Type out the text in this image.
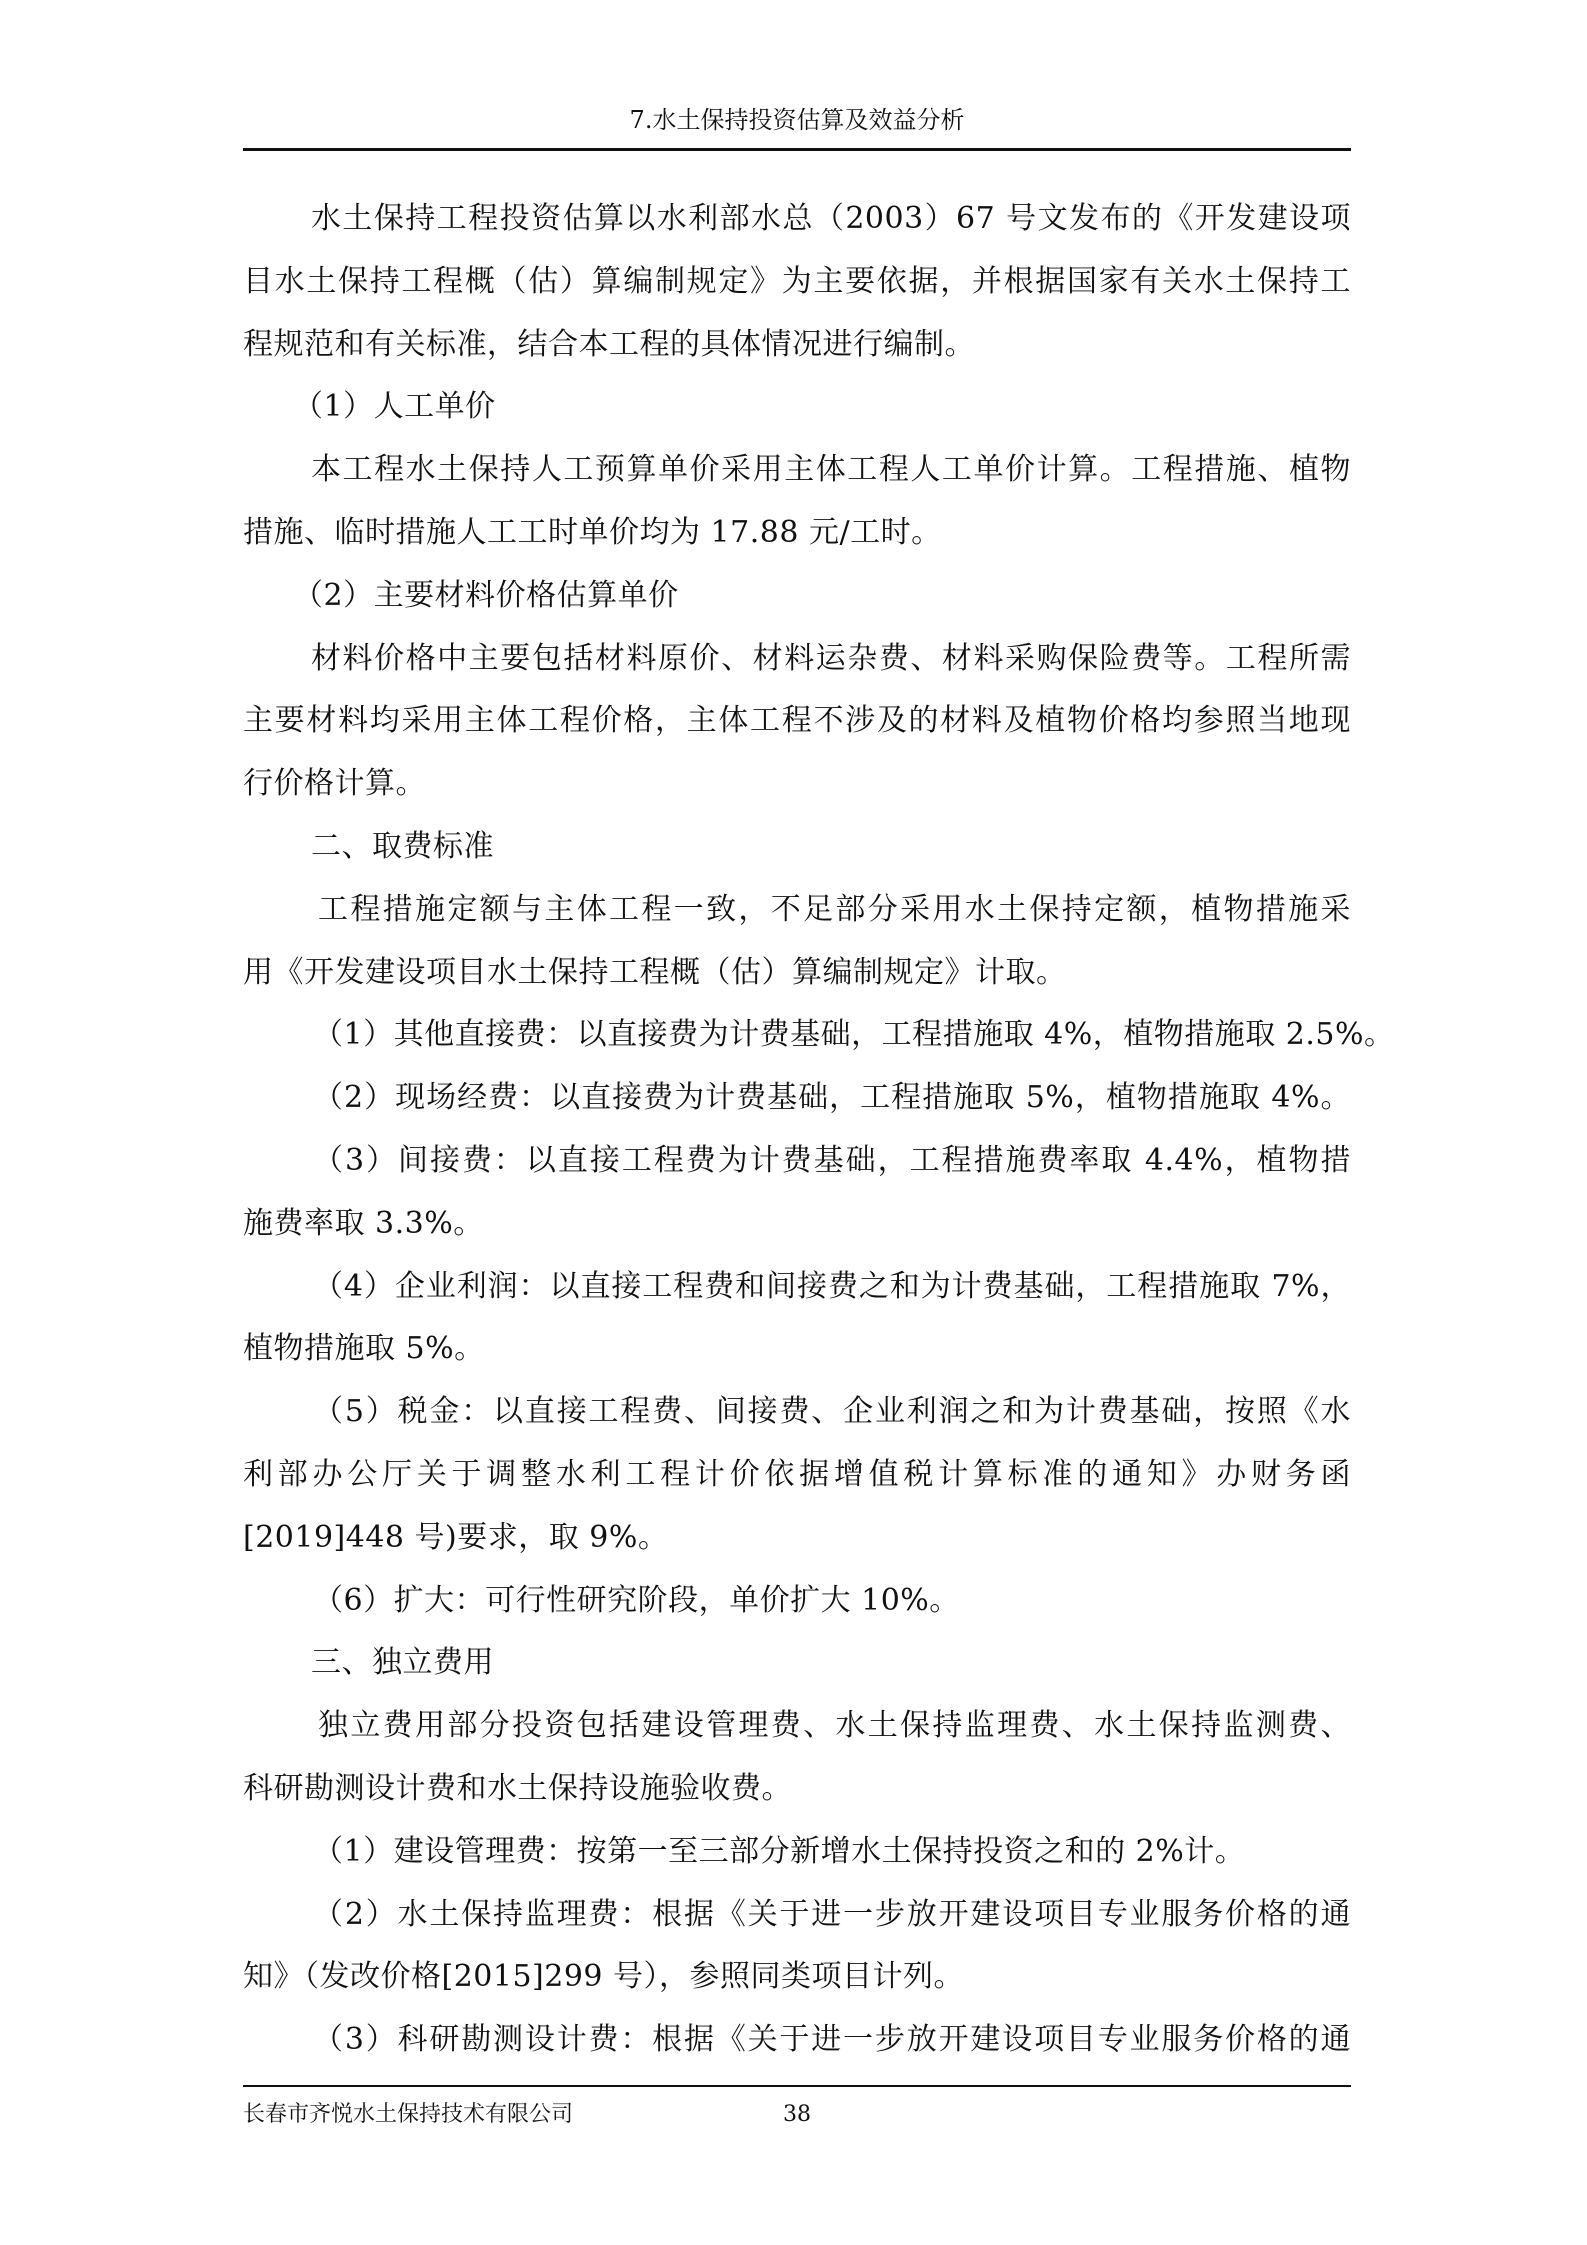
7.水土保持投资估算及效益分析
水土保持工程投资估算以水利部水总（2003）67 号文发布的《开发建设项
目水土保持工程概（估）算编制规定》为主要依据，并根据国家有关水土保持工
程规范和有关标准，结合本工程的具体情况进行编制。
（1）人工单价
本工程水土保持人工预算单价采用主体工程人工单价计算。工程措施、植物
措施、临时措施人工工时单价均为 17.88 元/工时。
（2）主要材料价格估算单价
材料价格中主要包括材料原价、材料运杂费、材料采购保险费等。工程所需
主要材料均采用主体工程价格，主体工程不涉及的材料及植物价格均参照当地现
行价格计算。
二、取费标准
工程措施定额与主体工程一致，不足部分采用水土保持定额，植物措施采
用《开发建设项目水土保持工程概（估）算编制规定》计取。
（1）其他直接费：以直接费为计费基础，工程措施取 4%，植物措施取 2.5%。
（2）现场经费：以直接费为计费基础，工程措施取 5%，植物措施取 4%。
（3）间接费：以直接工程费为计费基础，工程措施费率取 4.4%，植物措
施费率取 3.3%。
（4）企业利润：以直接工程费和间接费之和为计费基础，工程措施取 7%，
植物措施取 5%。
（5）税金：以直接工程费、间接费、企业利润之和为计费基础，按照《水
利部办公厅关于调整水利工程计价依据增值税计算标准的通知》办财务函
[2019]448 号)要求，取 9%。
（6）扩大：可行性研究阶段，单价扩大 10%。
三、独立费用
独立费用部分投资包括建设管理费、水土保持监理费、水土保持监测费、
科研勘测设计费和水土保持设施验收费。
（1）建设管理费：按第一至三部分新增水土保持投资之和的 2%计。
（2）水土保持监理费：根据《关于进一步放开建设项目专业服务价格的通
知》（发改价格[2015]299 号），参照同类项目计列。
（3）科研勘测设计费：根据《关于进一步放开建设项目专业服务价格的通
长春市齐悦水土保持技术有限公司	38
